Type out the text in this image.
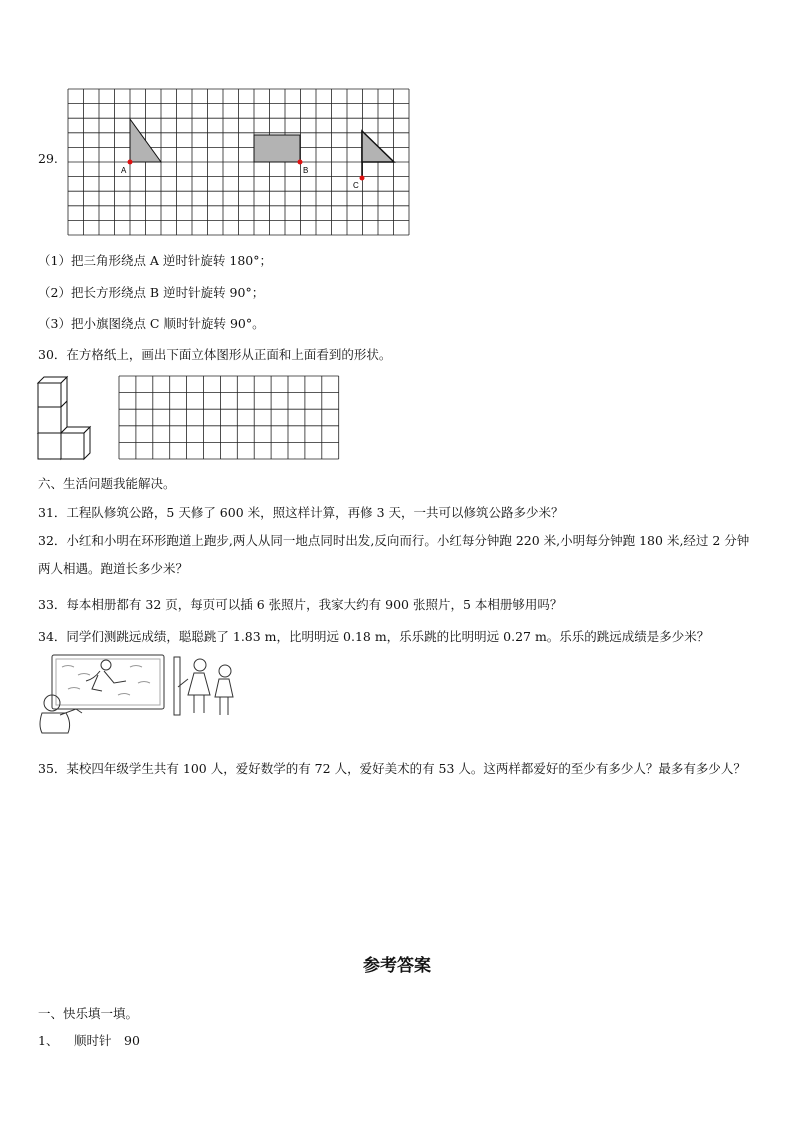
29.
A	B
C
（1）把三角形绕点 A 逆时针旋转 180°；
（2）把长方形绕点 B 逆时针旋转 90°；
（3）把小旗图绕点 C 顺时针旋转 90°。
30．在方格纸上，画出下面立体图形从正面和上面看到的形状。
六、生活问题我能解决。
31．工程队修筑公路，5 天修了 600 米，照这样计算，再修 3 天，一共可以修筑公路多少米？
32．小红和小明在环形跑道上跑步,两人从同一地点同时出发,反向而行。小红每分钟跑 220 米,小明每分钟跑 180 米,经过 2 分钟两人相遇。跑道长多少米？
33．每本相册都有 32 页，每页可以插 6 张照片，我家大约有 900 张照片，5 本相册够用吗？
34．同学们测跳远成绩，聪聪跳了 1.83 m，比明明远 0.18 m，乐乐跳的比明明远 0.27 m。乐乐的跳远成绩是多少米？
35．某校四年级学生共有 100 人，爱好数学的有 72 人，爱好美术的有 53 人。这两样都爱好的至少有多少人？最多有多少人？
参考答案
一、快乐填一填。
1、 顺时针　90
